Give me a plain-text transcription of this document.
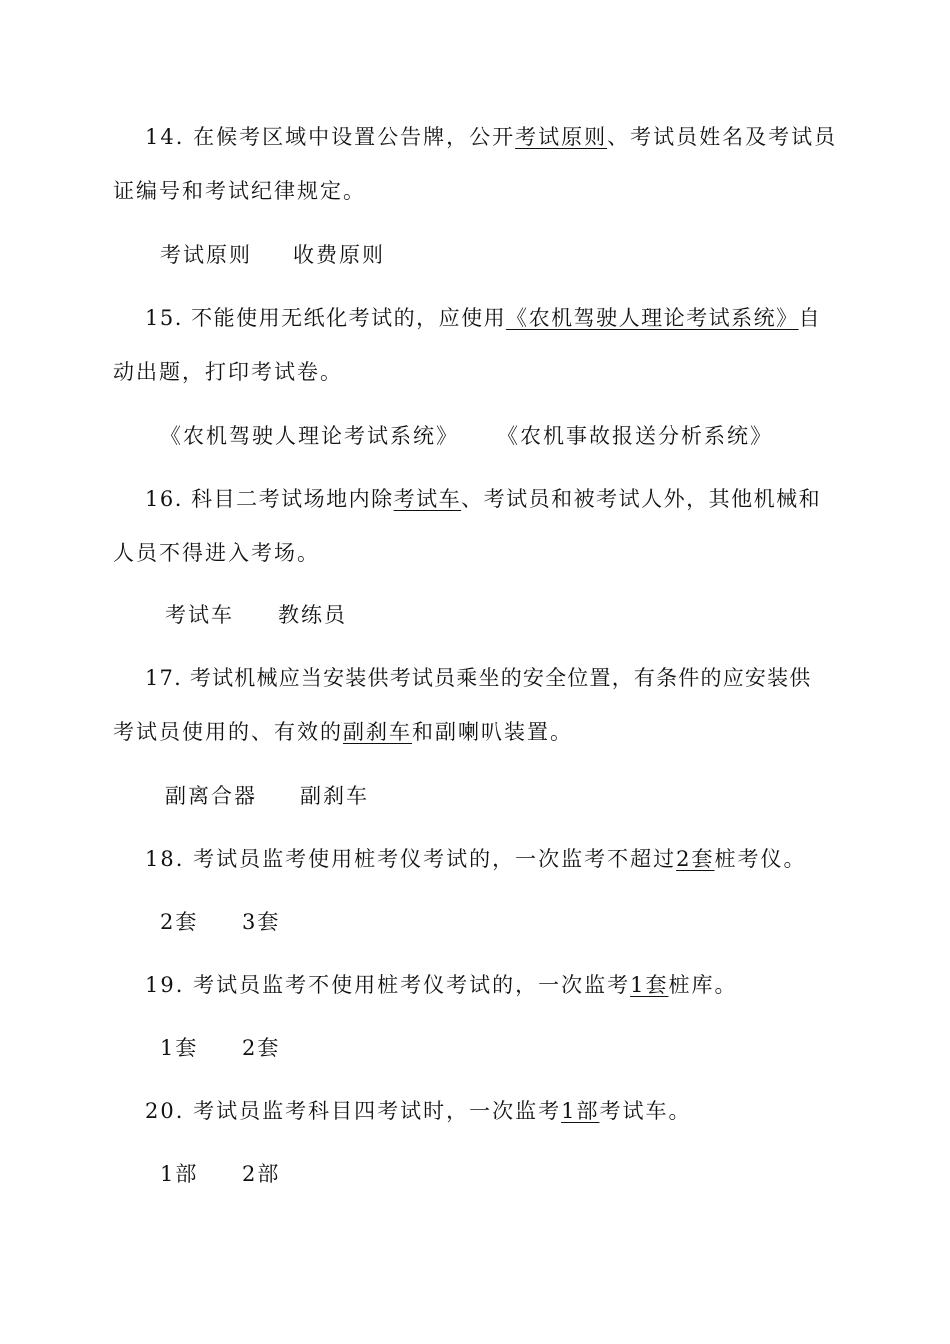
14. 在候考区域中设置公告牌，公开考试原则、考试员姓名及考试员
证编号和考试纪律规定。
考试原则 收费原则
15. 不能使用无纸化考试的，应使用《农机驾驶人理论考试系统》自
动出题，打印考试卷。
《农机驾驶人理论考试系统》 《农机事故报送分析系统》
16. 科目二考试场地内除考试车、考试员和被考试人外，其他机械和
人员不得进入考场。
考试车 教练员
17. 考试机械应当安装供考试员乘坐的安全位置，有条件的应安装供
考试员使用的、有效的副刹车和副喇叭装置。
副离合器 副刹车
18. 考试员监考使用桩考仪考试的，一次监考不超过2套桩考仪。
2套 3套
19. 考试员监考不使用桩考仪考试的，一次监考1套桩库。
1套 2套
20. 考试员监考科目四考试时，一次监考1部考试车。
1部 2部
